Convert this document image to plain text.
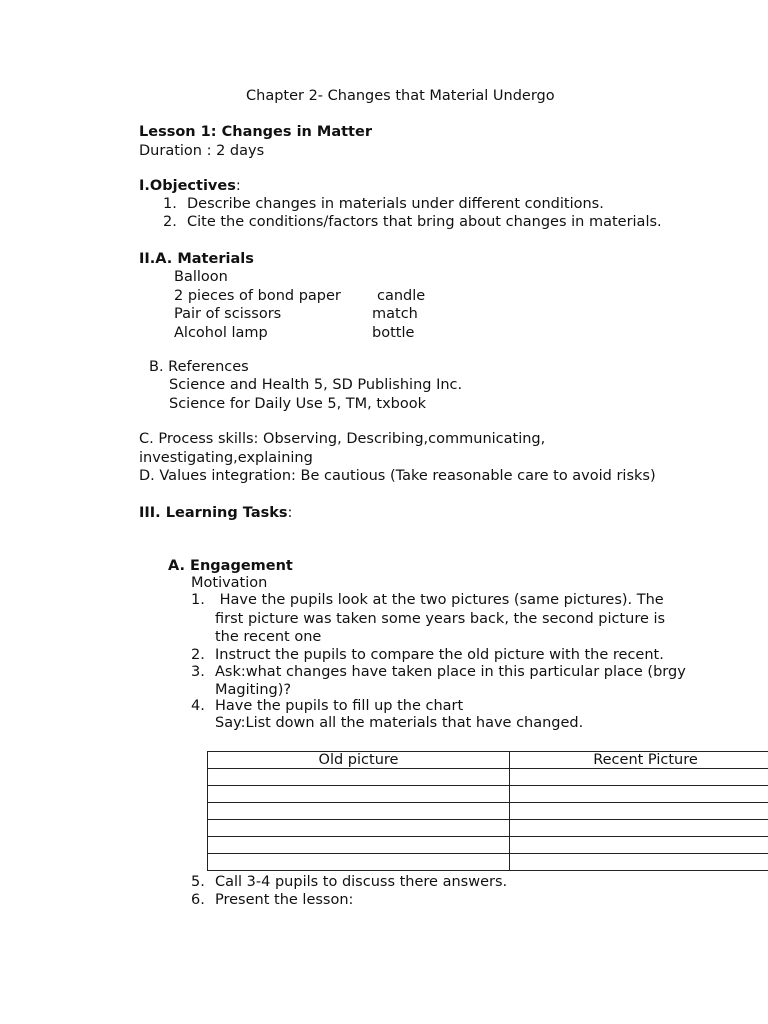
Chapter 2- Changes that Material Undergo
Lesson 1: Changes in Matter
Duration : 2 days
I.Objectives:
1. Describe changes in materials under different conditions.
2. Cite the conditions/factors that bring about changes in materials.
II.A. Materials
Balloon
2 pieces of bond paper candle
Pair of scissors	match
Alcohol lamp	bottle
B. References
Science and Health 5, SD Publishing Inc.
Science for Daily Use 5, TM, txbook
C. Process skills: Observing, Describing,communicating,
investigating,explaining
D. Values integration: Be cautious (Take reasonable care to avoid risks)
III. Learning Tasks:
A. Engagement
Motivation
1. Have the pupils look at the two pictures (same pictures). The
first picture was taken some years back, the second picture is
the recent one
2. Instruct the pupils to compare the old picture with the recent.
3. Ask:what changes have taken place in this particular place (brgy
Magiting)?
4. Have the pupils to fill up the chart
Say:List down all the materials that have changed.
Old picture	Recent Picture

5. Call 3-4 pupils to discuss there answers.
6. Present the lesson:
